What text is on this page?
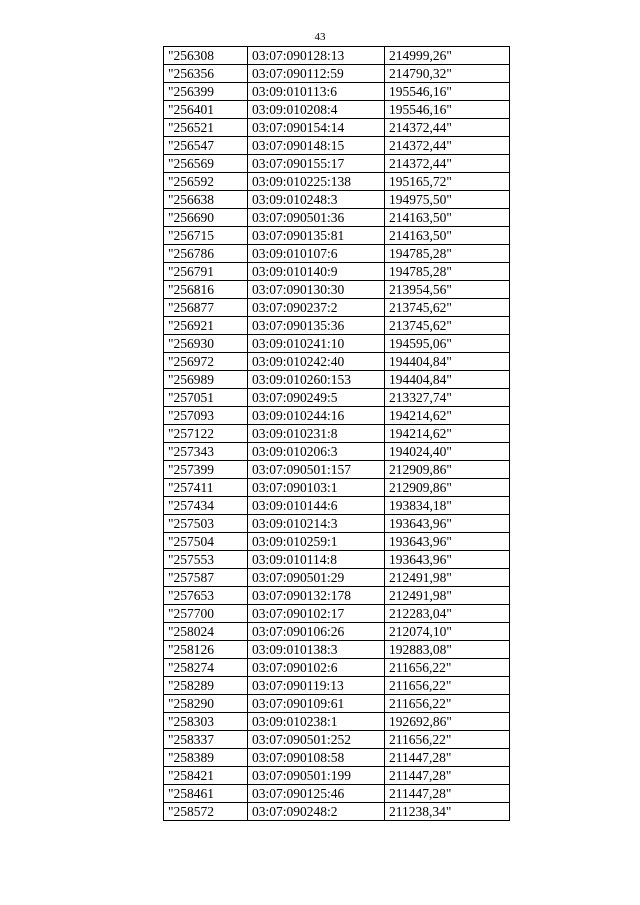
43
"256308	03:07:090128:13	214999,26"
"256356	03:07:090112:59	214790,32"
"256399	03:09:010113:6	195546,16"
"256401	03:09:010208:4	195546,16"
"256521	03:07:090154:14	214372,44"
"256547	03:07:090148:15	214372,44"
"256569	03:07:090155:17	214372,44"
"256592	03:09:010225:138	195165,72"
"256638	03:09:010248:3	194975,50"
"256690	03:07:090501:36	214163,50"
"256715	03:07:090135:81	214163,50"
"256786	03:09:010107:6	194785,28"
"256791	03:09:010140:9	194785,28"
"256816	03:07:090130:30	213954,56"
"256877	03:07:090237:2	213745,62"
"256921	03:07:090135:36	213745,62"
"256930	03:09:010241:10	194595,06"
"256972	03:09:010242:40	194404,84"
"256989	03:09:010260:153	194404,84"
"257051	03:07:090249:5	213327,74"
"257093	03:09:010244:16	194214,62"
"257122	03:09:010231:8	194214,62"
"257343	03:09:010206:3	194024,40"
"257399	03:07:090501:157	212909,86"
"257411	03:07:090103:1	212909,86"
"257434	03:09:010144:6	193834,18"
"257503	03:09:010214:3	193643,96"
"257504	03:09:010259:1	193643,96"
"257553	03:09:010114:8	193643,96"
"257587	03:07:090501:29	212491,98"
"257653	03:07:090132:178	212491,98"
"257700	03:07:090102:17	212283,04"
"258024	03:07:090106:26	212074,10"
"258126	03:09:010138:3	192883,08"
"258274	03:07:090102:6	211656,22"
"258289	03:07:090119:13	211656,22"
"258290	03:07:090109:61	211656,22"
"258303	03:09:010238:1	192692,86"
"258337	03:07:090501:252	211656,22"
"258389	03:07:090108:58	211447,28"
"258421	03:07:090501:199	211447,28"
"258461	03:07:090125:46	211447,28"
"258572	03:07:090248:2	211238,34"
